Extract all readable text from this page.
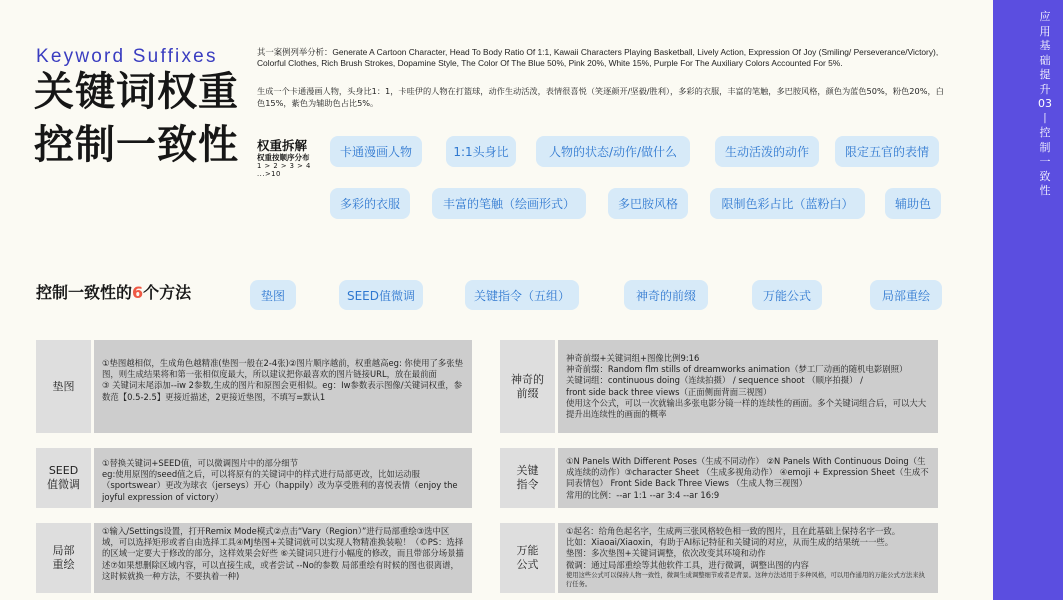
应用基础提升03丨控制一致性
Keyword Suffixes
关键词权重
控制一致性
其一案例列举分析：Generate A Cartoon Character, Head To Body Ratio Of 1:1, Kawaii Characters Playing Basketball, Lively Action, Expression Of Joy (Smiling/ Perseverance/Victory), Colorful Clothes, Rich Brush Strokes, Dopamine Style, The Color Of The Blue 50%, Pink 20%, White 15%, Purple For The Auxiliary Colors Accounted For 5%.
生成一个卡通漫画人物，头身比1：1，卡哇伊的人物在打篮球，动作生动活泼，表情很喜悦（笑逐颜开/坚毅/胜利），多彩的衣服，丰富的笔触，多巴胺风格，颜色为蓝色50%，粉色20%，白色15%，紫色为辅助色占比5%。
权重拆解
权重按顺序分布
1 > 2 > 3 > 4 ...>10
卡通漫画人物	1:1头身比	人物的状态/动作/做什么	生动活泼的动作	限定五官的表情
多彩的衣服	丰富的笔触（绘画形式）	多巴胺风格	限制色彩占比（蓝粉白）	辅助色
控制一致性的6个方法	垫图	SEED值微调	关键指令（五组）	神奇的前缀	万能公式	局部重绘
垫图
①垫图越相似，生成角色越精准(垫图一般在2-4张)②图片顺序越前，权重越高eg: 你使用了多张垫图，则生成结果将和第一张相似度最大，所以建议把你最喜欢的图片链接URL，放在最前面
③ 关键词末尾添加--iw 2参数,生成的图片和原图会更相似。eg：Iw参数表示图像/关键词权重，参数范【0.5-2.5】更接近描述，2更接近垫图，不填写=默认1
SEED
值微调
①替换关键词+SEED值，可以微调图片中的部分细节
eg:使用原图的seed值之后，可以将原有的关键词中的样式进行局部更改，比如运动服（sportswear）更改为球衣（jerseys）开心（happily）改为享受胜利的喜悦表情（enjoy the joyful expression of victory）
局部
重绘
①输入/Settings设置，打开Remix Mode模式②点击“Vary（Region）”进行局部重绘③选中区域，可以选择矩形或者自由选择工具④MJ垫图+关键词就可以实现人物精准换装啦！（©PS：选择的区域一定要大于修改的部分，这样效果会好些 ⑥关键词只进行小幅度的修改，而且带部分场景描述⑦如果想删除区域内容，可以直接生成，或者尝试 --No的参数 局部重绘有时候的图也很离谱，这时候就换一种方法，不要执着一种)
神奇的
前缀
神奇前缀+关键词组+图像比例9:16
神奇前缀：Random flm stills of dreamworks animation（梦工厂动画的随机电影剧照）
关键词组：continuous doing（连续拍摄） / sequence shoot （顺序拍摄） /
front side back three views（正面侧面背面三视图）
使用这个公式，可以一次就输出多张电影分镜一样的连续性的画面。多个关键词组合后，可以大大提升出连续性的画面的概率
关键
指令
①N Panels With Different Poses（生成不同动作） ②N Panels With Continuous Doing（生成连续的动作）③character Sheet （生成多视角动作） ④emoji + Expression Sheet（生成不同表情包） Front Side Back Three Views （生成人物三视图）
常用的比例：--ar 1:1 --ar 3:4 --ar 16:9
万能
公式
①起名：给角色起名字，生成两三张风格较色相一致的图片，且在此基础上保持名字一致。
比如：Xiaoai/Xiaoxin，有助于AI标记特征和关键词的对应，从而生成的结果统一一些。
垫图：多次垫图+关键词调整，依次改变其环境和动作
微调：通过局部重绘等其他软件工具，进行微调，调整出图的内容
使用这些公式可以保持人物一致性，微调生成调整细节或者是背景。这种方法适用于多种风格，可以用作通用的万能公式方法来执行任务。
